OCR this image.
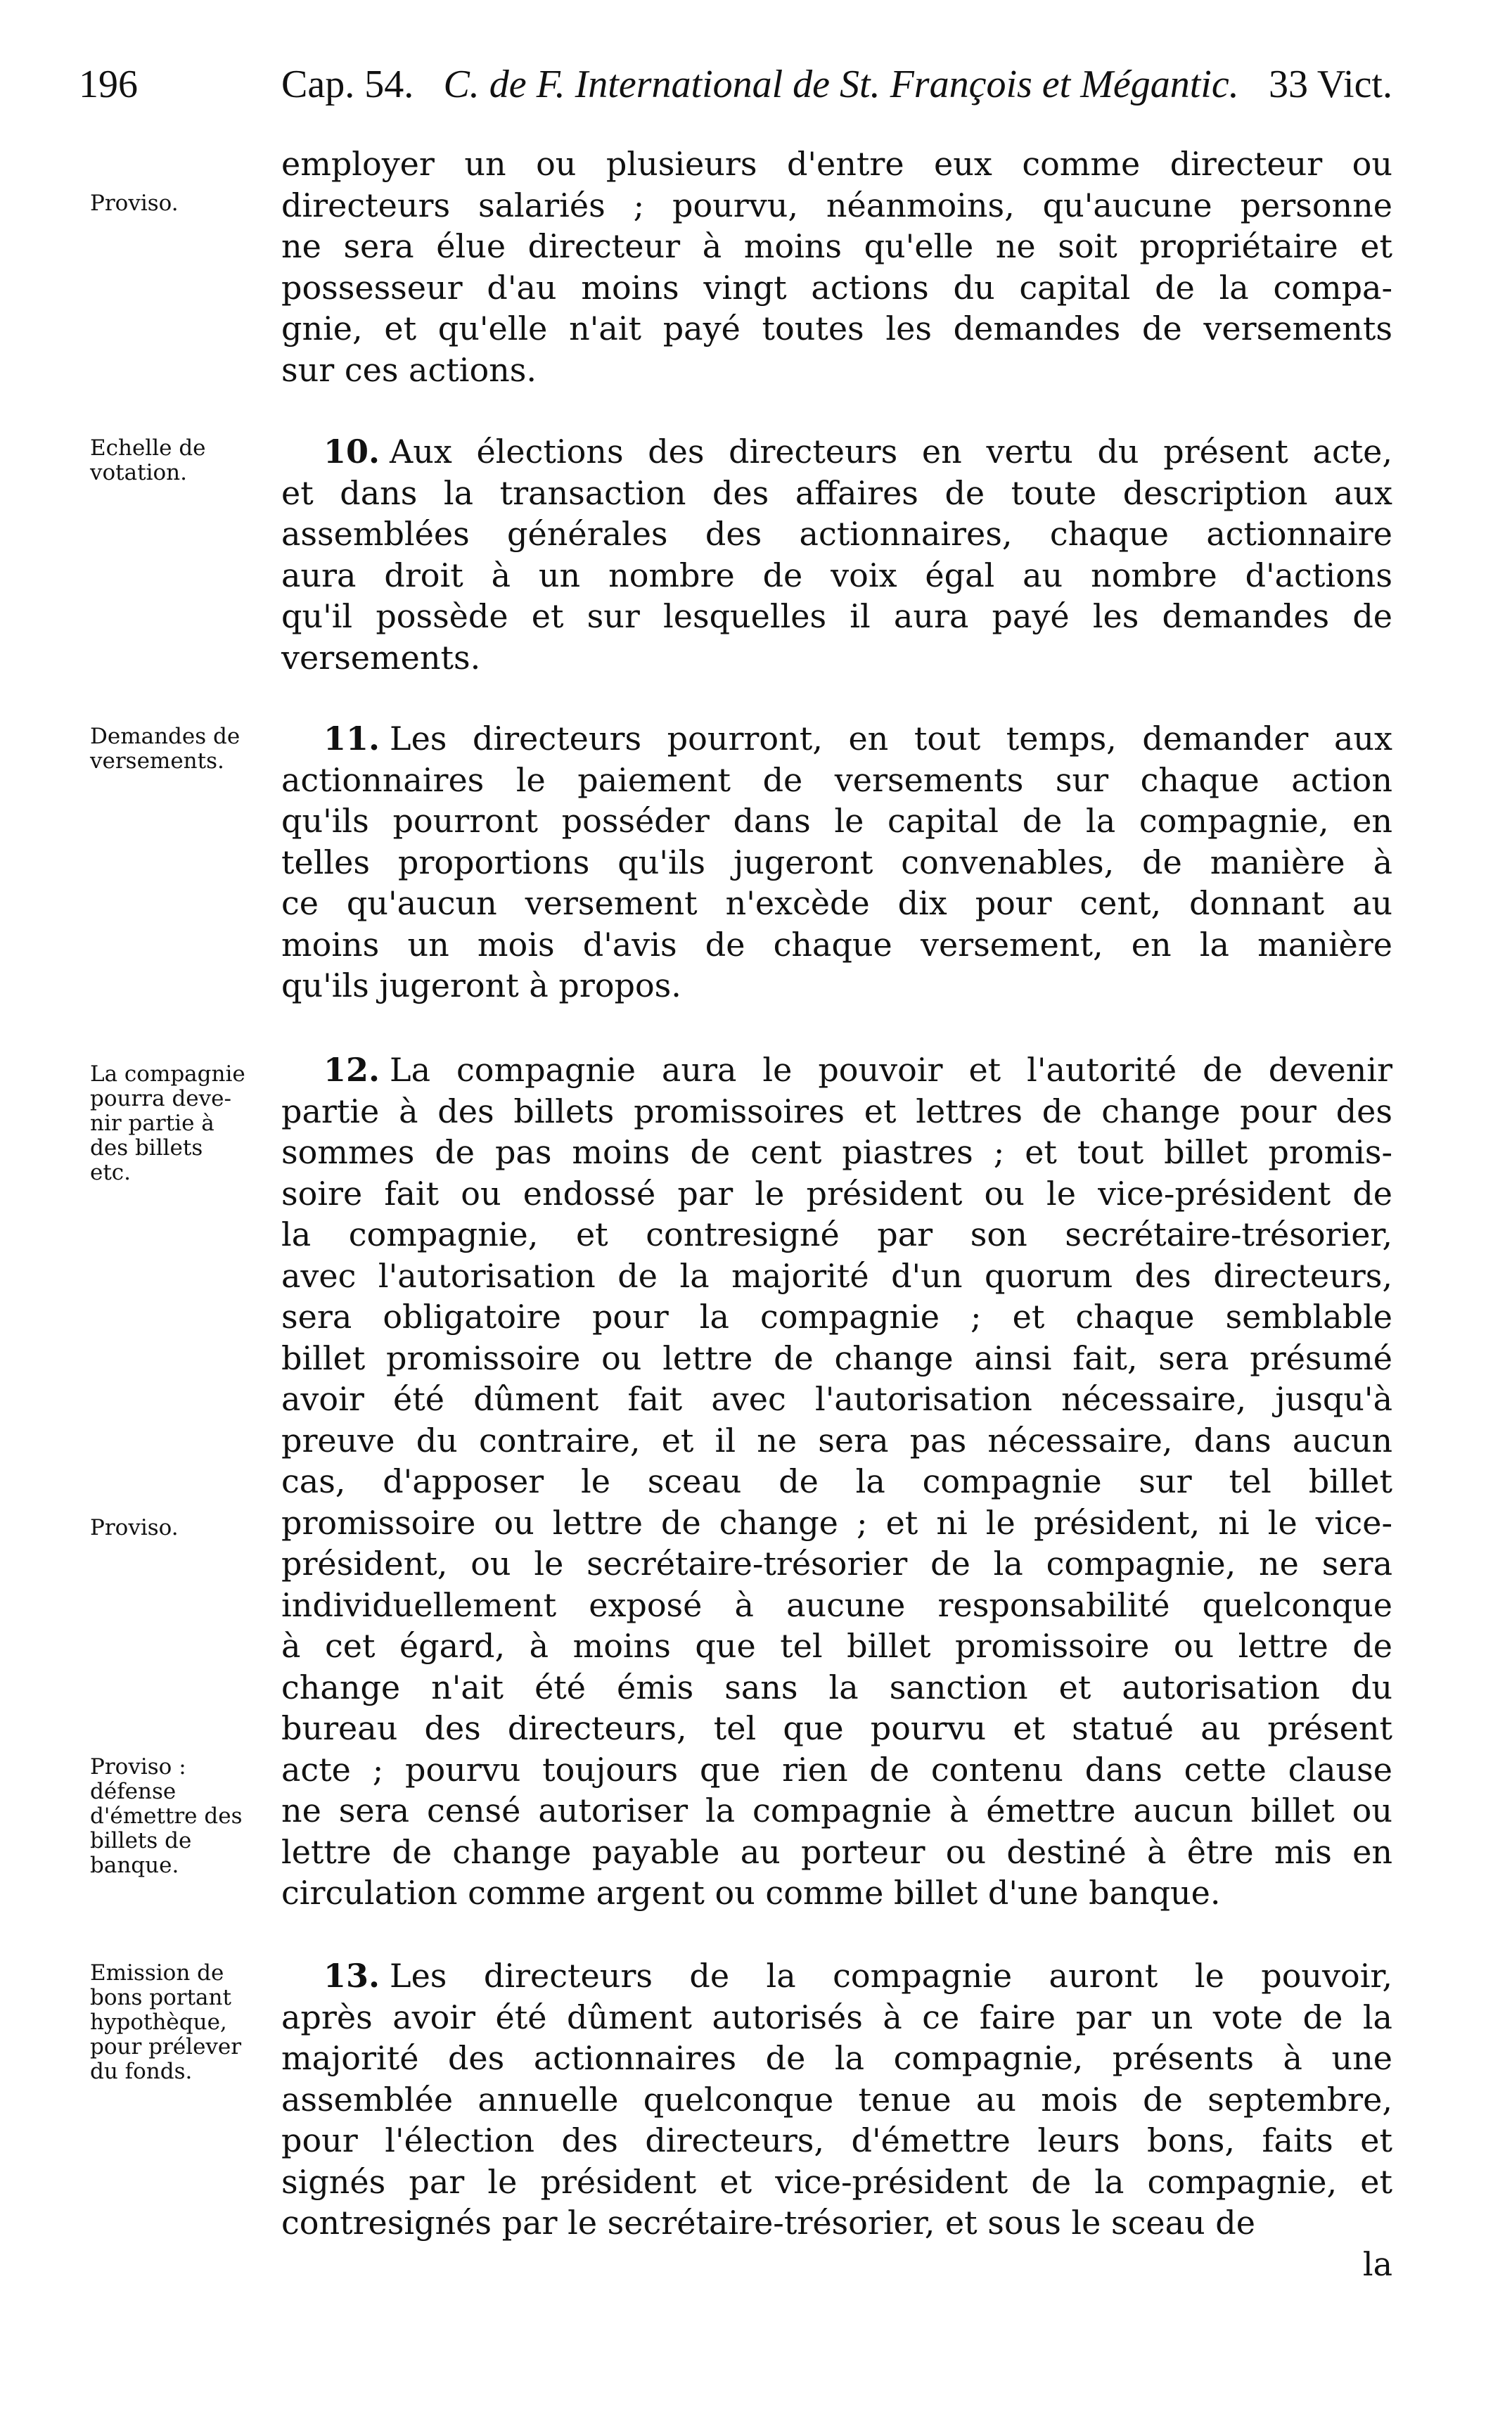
196	Cap. 54. C. de F. International de St. François et Mégantic. 33 Vict.
employer un ou plusieurs d'entre eux comme directeur ou
directeurs salariés ; pourvu, néanmoins, qu'aucune personne
ne sera élue directeur à moins qu'elle ne soit propriétaire et
possesseur d'au moins vingt actions du capital de la compa-
gnie, et qu'elle n'ait payé toutes les demandes de versements
sur ces actions.
10. Aux élections des directeurs en vertu du présent acte,
et dans la transaction des affaires de toute description aux
assemblées générales des actionnaires, chaque actionnaire
aura droit à un nombre de voix égal au nombre d'actions
qu'il possède et sur lesquelles il aura payé les demandes de
versements.
11. Les directeurs pourront, en tout temps, demander aux
actionnaires le paiement de versements sur chaque action
qu'ils pourront posséder dans le capital de la compagnie, en
telles proportions qu'ils jugeront convenables, de manière à
ce qu'aucun versement n'excède dix pour cent, donnant au
moins un mois d'avis de chaque versement, en la manière
qu'ils jugeront à propos.
12. La compagnie aura le pouvoir et l'autorité de devenir
partie à des billets promissoires et lettres de change pour des
sommes de pas moins de cent piastres ; et tout billet promis-
soire fait ou endossé par le président ou le vice-président de
la compagnie, et contresigné par son secrétaire-trésorier,
avec l'autorisation de la majorité d'un quorum des directeurs,
sera obligatoire pour la compagnie ; et chaque semblable
billet promissoire ou lettre de change ainsi fait, sera présumé
avoir été dûment fait avec l'autorisation nécessaire, jusqu'à
preuve du contraire, et il ne sera pas nécessaire, dans aucun
cas, d'apposer le sceau de la compagnie sur tel billet
promissoire ou lettre de change ; et ni le président, ni le vice-
président, ou le secrétaire-trésorier de la compagnie, ne sera
individuellement exposé à aucune responsabilité quelconque
à cet égard, à moins que tel billet promissoire ou lettre de
change n'ait été émis sans la sanction et autorisation du
bureau des directeurs, tel que pourvu et statué au présent
acte ; pourvu toujours que rien de contenu dans cette clause
ne sera censé autoriser la compagnie à émettre aucun billet ou
lettre de change payable au porteur ou destiné à être mis en
circulation comme argent ou comme billet d'une banque.
13. Les directeurs de la compagnie auront le pouvoir,
après avoir été dûment autorisés à ce faire par un vote de la
majorité des actionnaires de la compagnie, présents à une
assemblée annuelle quelconque tenue au mois de septembre,
pour l'élection des directeurs, d'émettre leurs bons, faits et
signés par le président et vice-président de la compagnie, et
contresignés par le secrétaire-trésorier, et sous le sceau de
la
Proviso.
Echelle de
votation.
Demandes de
versements.
La compagnie
pourra deve-
nir partie à
des billets
etc.
Proviso.
Proviso :
défense
d'émettre des
billets de
banque.
Emission de
bons portant
hypothèque,
pour prélever
du fonds.
